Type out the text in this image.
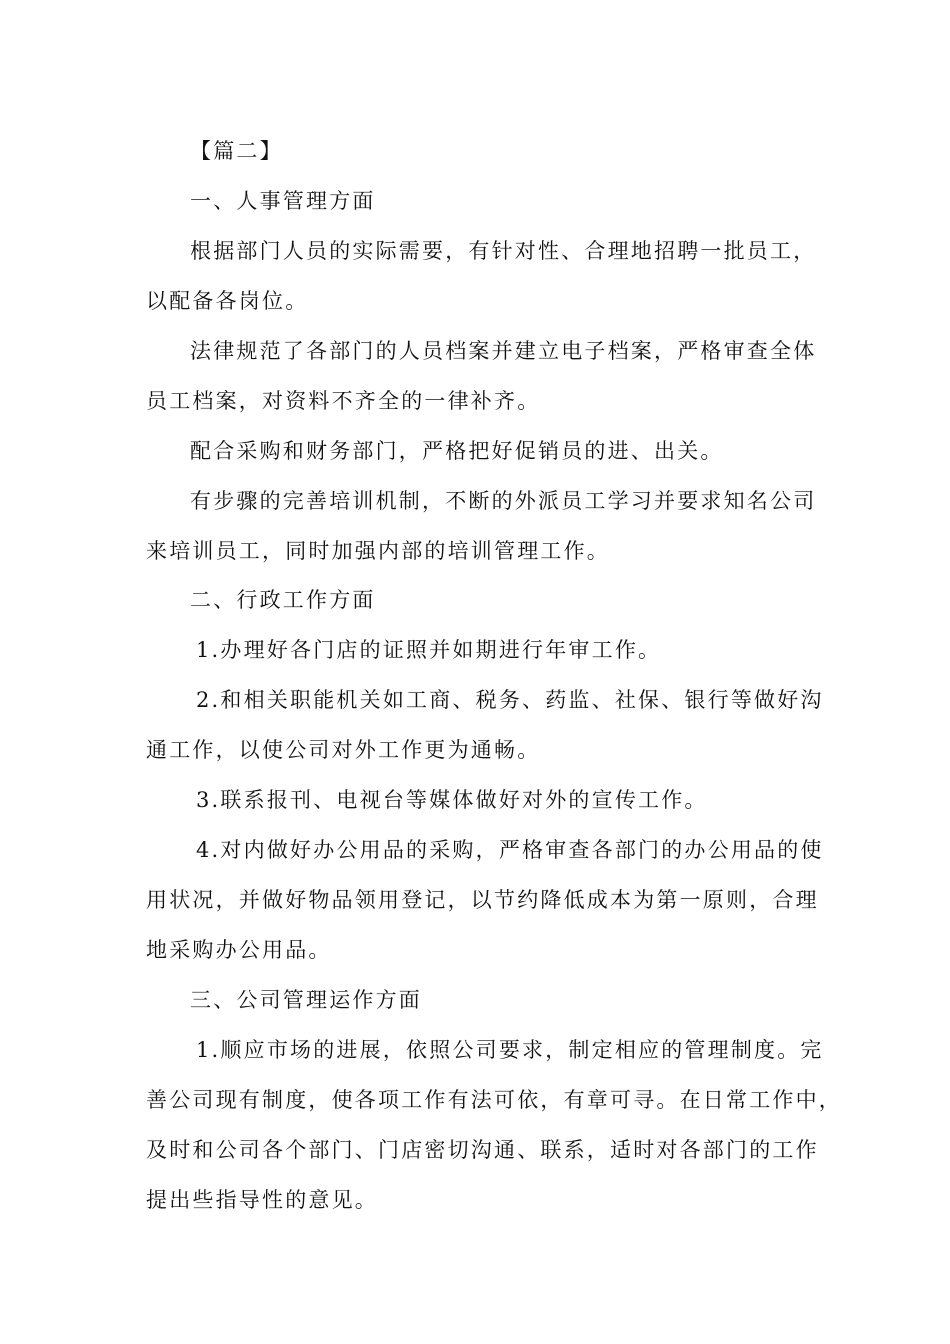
【篇二】
一、人事管理方面
根据部门人员的实际需要，有针对性、合理地招聘一批员工，
以配备各岗位。
法律规范了各部门的人员档案并建立电子档案，严格审查全体
员工档案，对资料不齐全的一律补齐。
配合采购和财务部门，严格把好促销员的进、出关。
有步骤的完善培训机制，不断的外派员工学习并要求知名公司
来培训员工，同时加强内部的培训管理工作。
二、行政工作方面
1.办理好各门店的证照并如期进行年审工作。
2.和相关职能机关如工商、税务、药监、社保、银行等做好沟
通工作，以使公司对外工作更为通畅。
3.联系报刊、电视台等媒体做好对外的宣传工作。
4.对内做好办公用品的采购，严格审查各部门的办公用品的使
用状况，并做好物品领用登记，以节约降低成本为第一原则，合理
地采购办公用品。
三、公司管理运作方面
1.顺应市场的进展，依照公司要求，制定相应的管理制度。完
善公司现有制度，使各项工作有法可依，有章可寻。在日常工作中，
及时和公司各个部门、门店密切沟通、联系，适时对各部门的工作
提出些指导性的意见。
